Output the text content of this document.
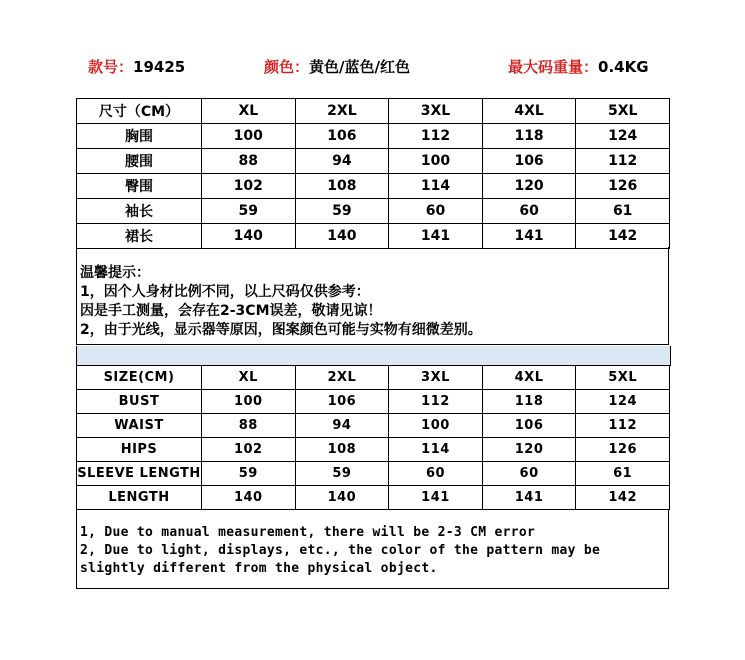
款号：19425	颜色：黄色/蓝色/红色	最大码重量：0.4KG
尺寸（CM）	XL	2XL	3XL	4XL	5XL
胸围	100	106	112	118	124
腰围	88	94	100	106	112
臀围	102	108	114	120	126
袖长	59	59	60	60	61
裙长	140	140	141	141	142
温馨提示：
1，因个人身材比例不同，以上尺码仅供参考：
因是手工测量，会存在2-3CM误差，敬请见谅！
2，由于光线，显示器等原因，图案颜色可能与实物有细微差别。
SIZE(CM)	XL	2XL	3XL	4XL	5XL
BUST	100	106	112	118	124
WAIST	88	94	100	106	112
HIPS	102	108	114	120	126
SLEEVE LENGTH	59	59	60	60	61
LENGTH	140	140	141	141	142
1, Due to manual measurement, there will be 2-3 CM error
2, Due to light, displays, etc., the color of the pattern may be
slightly different from the physical object.
